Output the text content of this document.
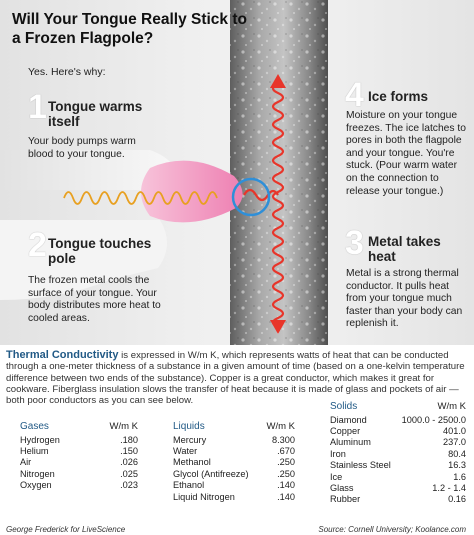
Will Your Tongue Really Stick to a Frozen Flagpole?
Yes. Here's why:
1 Tongue warms itself
Your body pumps warm blood to your tongue.
2 Tongue touches pole
The frozen metal cools the surface of your tongue. Your body distributes more heat to cooled areas.
3 Metal takes heat
Metal is a strong thermal conductor. It pulls heat from your tongue much faster than your body can replenish it.
4 Ice forms
Moisture on your tongue freezes. The ice latches to pores in both the flagpole and your tongue. You're stuck. (Pour warm water on the connection to release your tongue.)
Thermal Conductivity is expressed in W/m K, which represents watts of heat that can be conducted through a one-meter thickness of a substance in a given amount of time (based on a one-kelvin temperature difference between two ends of the substance). Copper is a great conductor, which makes it great for cookware. Fiberglass insulation slows the transfer of heat because it is made of glass and pockets of air — both poor conductors as you can see below.
Gases	W/m K
Hydrogen	.180
Helium	.150
Air	.026
Nitrogen	.025
Oxygen	.023
Liquids	W/m K
Mercury	8.300
Water	.670
Methanol	.250
Glycol (Antifreeze)	.250
Ethanol	.140
Liquid Nitrogen	.140
Solids	W/m K
Diamond	1000.0 - 2500.0
Copper	401.0
Aluminum	237.0
Iron	80.4
Stainless Steel	16.3
Ice	1.6
Glass	1.2 - 1.4
Rubber	0.16
George Frederick for LiveScience	Source: Cornell University; Koolance.com
